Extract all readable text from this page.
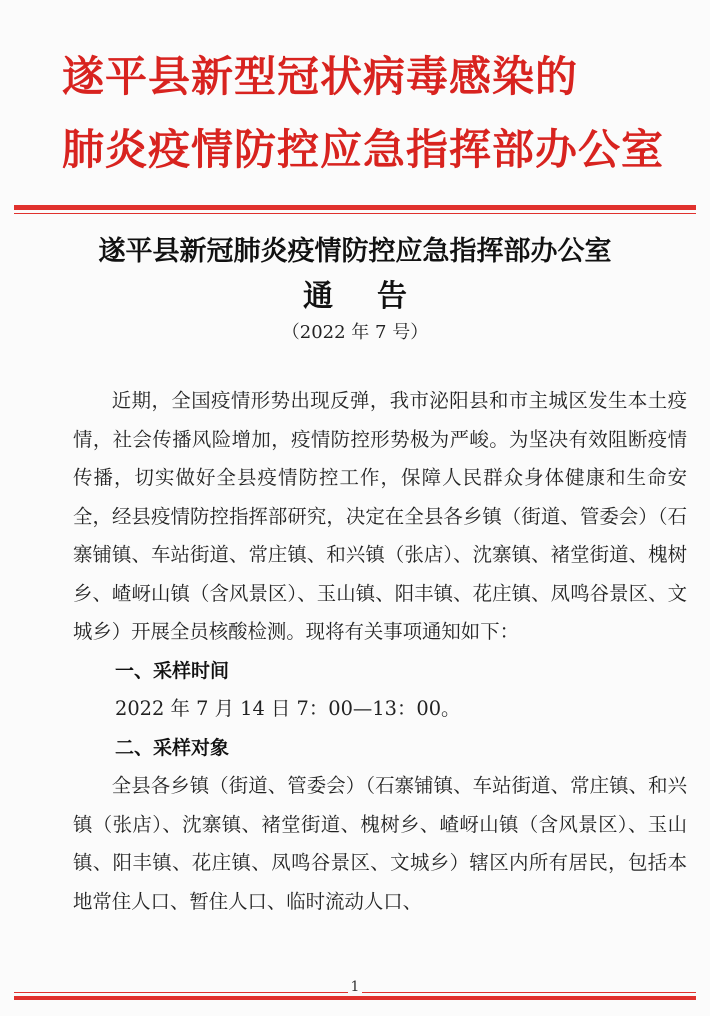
遂平县新型冠状病毒感染的
肺炎疫情防控应急指挥部办公室
遂平县新冠肺炎疫情防控应急指挥部办公室
通告
（2022 年 7 号）

近期，全国疫情形势出现反弹，我市泌阳县和市主城区发生本土疫情，社会传播风险增加，疫情防控形势极为严峻。为坚决有效阻断疫情传播，切实做好全县疫情防控工作，保障人民群众身体健康和生命安全，经县疫情防控指挥部研究，决定在全县各乡镇（街道、管委会）（石寨铺镇、车站街道、常庄镇、和兴镇（张店）、沈寨镇、褚堂街道、槐树乡、嵖岈山镇（含风景区）、玉山镇、阳丰镇、花庄镇、凤鸣谷景区、文城乡）开展全员核酸检测。现将有关事项通知如下：

一、采样时间

2022 年 7 月 14 日 7：00—13：00。

二、采样对象

全县各乡镇（街道、管委会）（石寨铺镇、车站街道、常庄镇、和兴镇（张店）、沈寨镇、褚堂街道、槐树乡、嵖岈山镇（含风景区）、玉山镇、阳丰镇、花庄镇、凤鸣谷景区、文城乡）辖区内所有居民，包括本地常住人口、暂住人口、临时流动人口、

1
